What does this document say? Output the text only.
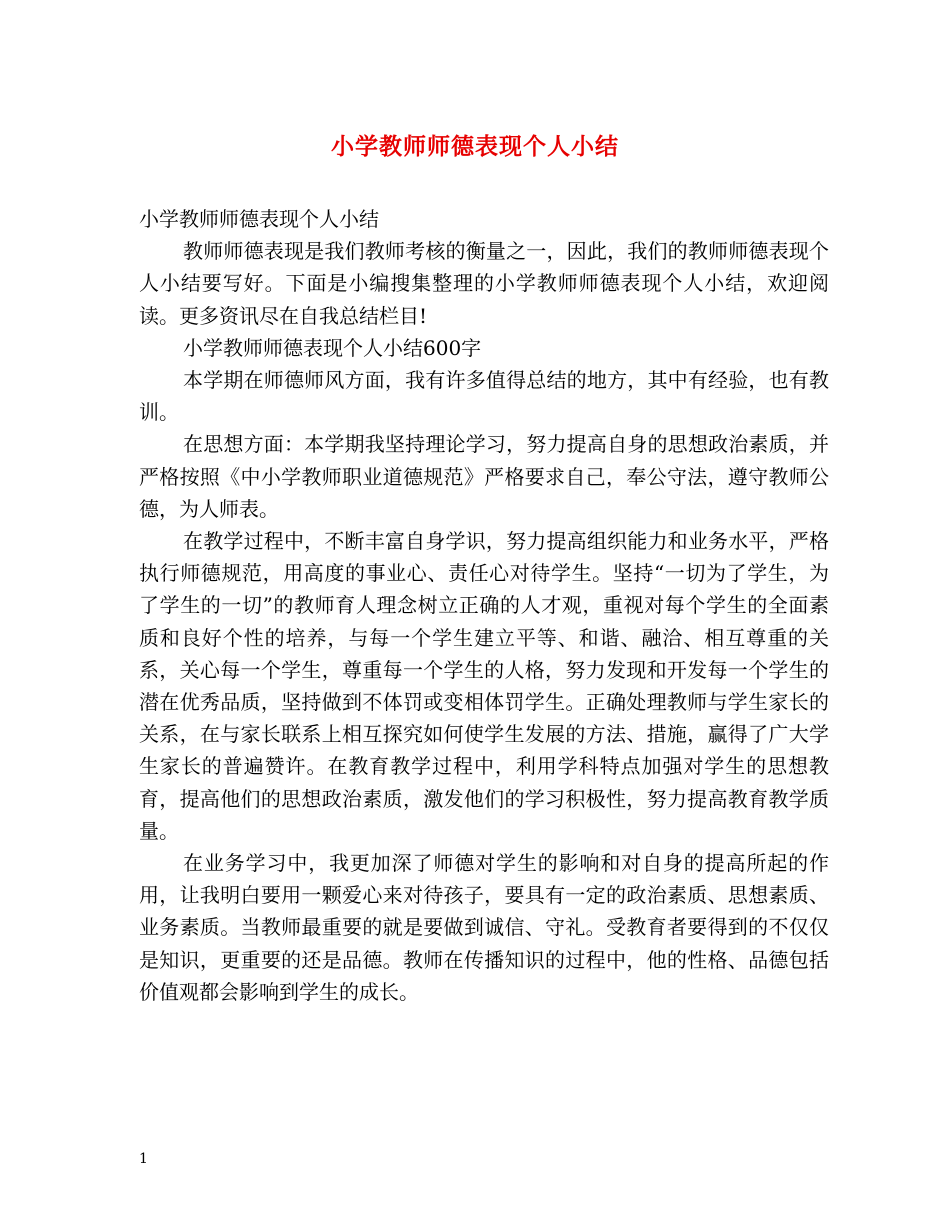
小学教师师德表现个人小结

小学教师师德表现个人小结

教师师德表现是我们教师考核的衡量之一，因此，我们的教师师德表现个人小结要写好。下面是小编搜集整理的小学教师师德表现个人小结，欢迎阅读。更多资讯尽在自我总结栏目!

小学教师师德表现个人小结600字

本学期在师德师风方面，我有许多值得总结的地方，其中有经验，也有教训。

在思想方面：本学期我坚持理论学习，努力提高自身的思想政治素质，并严格按照《中小学教师职业道德规范》严格要求自己，奉公守法，遵守教师公德，为人师表。

在教学过程中，不断丰富自身学识，努力提高组织能力和业务水平，严格执行师德规范，用高度的事业心、责任心对待学生。坚持“一切为了学生，为了学生的一切”的教师育人理念树立正确的人才观，重视对每个学生的全面素质和良好个性的培养，与每一个学生建立平等、和谐、融洽、相互尊重的关系，关心每一个学生，尊重每一个学生的人格，努力发现和开发每一个学生的潜在优秀品质，坚持做到不体罚或变相体罚学生。正确处理教师与学生家长的关系，在与家长联系上相互探究如何使学生发展的方法、措施，赢得了广大学生家长的普遍赞许。在教育教学过程中，利用学科特点加强对学生的思想教育，提高他们的思想政治素质，激发他们的学习积极性，努力提高教育教学质量。

在业务学习中，我更加深了师德对学生的影响和对自身的提高所起的作用，让我明白要用一颗爱心来对待孩子，要具有一定的政治素质、思想素质、业务素质。当教师最重要的就是要做到诚信、守礼。受教育者要得到的不仅仅是知识，更重要的还是品德。教师在传播知识的过程中，他的性格、品德包括价值观都会影响到学生的成长。

1
